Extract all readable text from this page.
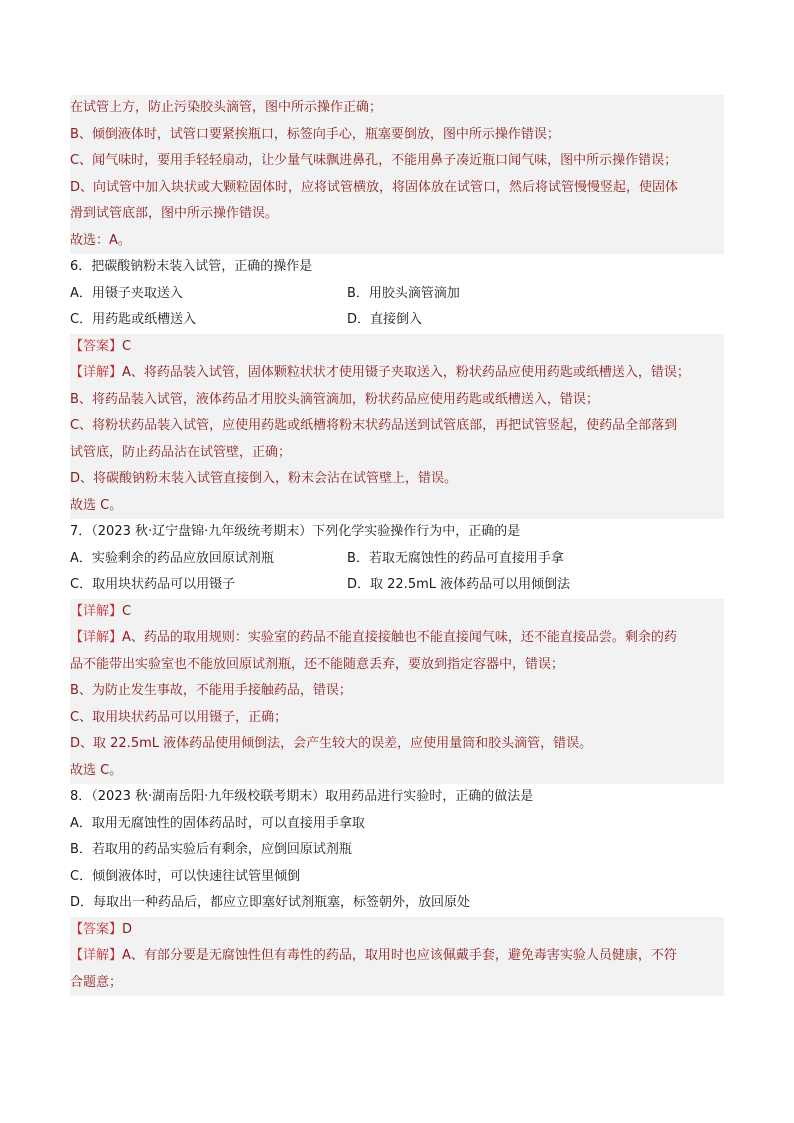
在试管上方，防止污染胶头滴管，图中所示操作正确；
B、倾倒液体时，试管口要紧挨瓶口，标签向手心，瓶塞要倒放，图中所示操作错误；
C、闻气味时，要用手轻轻扇动，让少量气味飘进鼻孔，不能用鼻子凑近瓶口闻气味，图中所示操作错误；
D、向试管中加入块状或大颗粒固体时，应将试管横放，将固体放在试管口，然后将试管慢慢竖起，使固体
滑到试管底部，图中所示操作错误。
故选：A。
6．把碳酸钠粉末装入试管，正确的操作是
A．用镊子夹取送入	B．用胶头滴管滴加
C．用药匙或纸槽送入	D．直接倒入
【答案】C
【详解】A、将药品装入试管，固体颗粒状状才使用镊子夹取送入，粉状药品应使用药匙或纸槽送入，错误；
B、将药品装入试管，液体药品才用胶头滴管滴加，粉状药品应使用药匙或纸槽送入，错误；
C、将粉状药品装入试管，应使用药匙或纸槽将粉末状药品送到试管底部，再把试管竖起，使药品全部落到
试管底，防止药品沾在试管壁，正确；
D、将碳酸钠粉末装入试管直接倒入，粉末会沾在试管壁上，错误。
故选 C。
7．（2023 秋·辽宁盘锦·九年级统考期末）下列化学实验操作行为中，正确的是
A．实验剩余的药品应放回原试剂瓶	B．若取无腐蚀性的药品可直接用手拿
C．取用块状药品可以用镊子	D．取 22.5mL 液体药品可以用倾倒法
【详解】C
【详解】A、药品的取用规则：实验室的药品不能直接接触也不能直接闻气味，还不能直接品尝。剩余的药
品不能带出实验室也不能放回原试剂瓶，还不能随意丢弃，要放到指定容器中，错误；
B、为防止发生事故，不能用手接触药品，错误；
C、取用块状药品可以用镊子，正确；
D、取 22.5mL 液体药品使用倾倒法，会产生较大的误差，应使用量筒和胶头滴管，错误。
故选 C。
8．（2023 秋·湖南岳阳·九年级校联考期末）取用药品进行实验时，正确的做法是
A．取用无腐蚀性的固体药品时，可以直接用手拿取
B．若取用的药品实验后有剩余，应倒回原试剂瓶
C．倾倒液体时，可以快速往试管里倾倒
D．每取出一种药品后，都应立即塞好试剂瓶塞，标签朝外，放回原处
【答案】D
【详解】A、有部分要是无腐蚀性但有毒性的药品，取用时也应该佩戴手套，避免毒害实验人员健康，不符
合题意；
